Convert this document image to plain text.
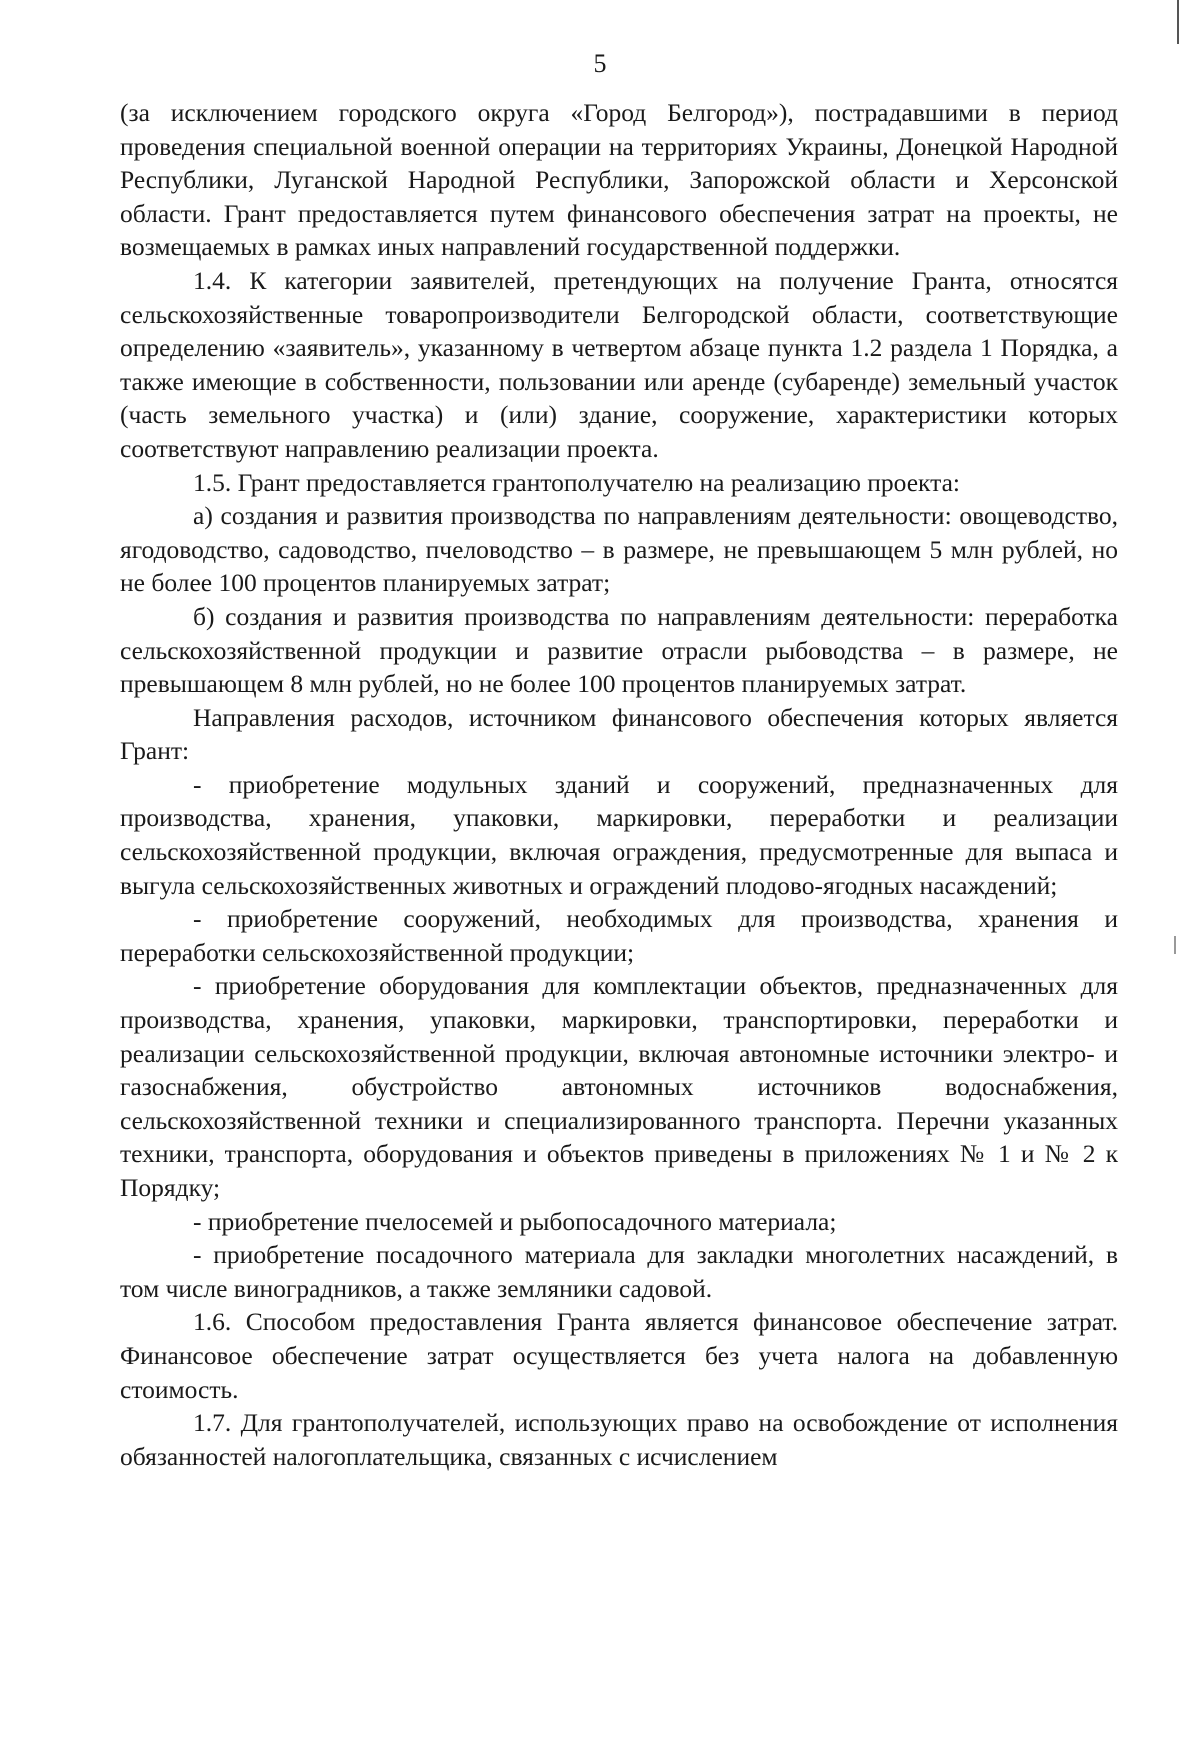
5

(за исключением городского округа «Город Белгород»), пострадавшими в период проведения специальной военной операции на территориях Украины, Донецкой Народной Республики, Луганской Народной Республики, Запорожской области и Херсонской области. Грант предоставляется путем финансового обеспечения затрат на проекты, не возмещаемых в рамках иных направлений государственной поддержки.

1.4. К категории заявителей, претендующих на получение Гранта, относятся сельскохозяйственные товаропроизводители Белгородской области, соответствующие определению «заявитель», указанному в четвертом абзаце пункта 1.2 раздела 1 Порядка, а также имеющие в собственности, пользовании или аренде (субаренде) земельный участок (часть земельного участка) и (или) здание, сооружение, характеристики которых соответствуют направлению реализации проекта.

1.5. Грант предоставляется грантополучателю на реализацию проекта:

а) создания и развития производства по направлениям деятельности: овощеводство, ягодоводство, садоводство, пчеловодство – в размере, не превышающем 5 млн рублей, но не более 100 процентов планируемых затрат;

б) создания и развития производства по направлениям деятельности: переработка сельскохозяйственной продукции и развитие отрасли рыбоводства – в размере, не превышающем 8 млн рублей, но не более 100 процентов планируемых затрат.

Направления расходов, источником финансового обеспечения которых является Грант:

- приобретение модульных зданий и сооружений, предназначенных для производства, хранения, упаковки, маркировки, переработки и реализации сельскохозяйственной продукции, включая ограждения, предусмотренные для выпаса и выгула сельскохозяйственных животных и ограждений плодово-ягодных насаждений;

- приобретение сооружений, необходимых для производства, хранения и переработки сельскохозяйственной продукции;

- приобретение оборудования для комплектации объектов, предназначенных для производства, хранения, упаковки, маркировки, транспортировки, переработки и реализации сельскохозяйственной продукции, включая автономные источники электро- и газоснабжения, обустройство автономных источников водоснабжения, сельскохозяйственной техники и специализированного транспорта. Перечни указанных техники, транспорта, оборудования и объектов приведены в приложениях № 1 и № 2 к Порядку;

- приобретение пчелосемей и рыбопосадочного материала;

- приобретение посадочного материала для закладки многолетних насаждений, в том числе виноградников, а также земляники садовой.

1.6. Способом предоставления Гранта является финансовое обеспечение затрат. Финансовое обеспечение затрат осуществляется без учета налога на добавленную стоимость.

1.7. Для грантополучателей, использующих право на освобождение от исполнения обязанностей налогоплательщика, связанных с исчислением
